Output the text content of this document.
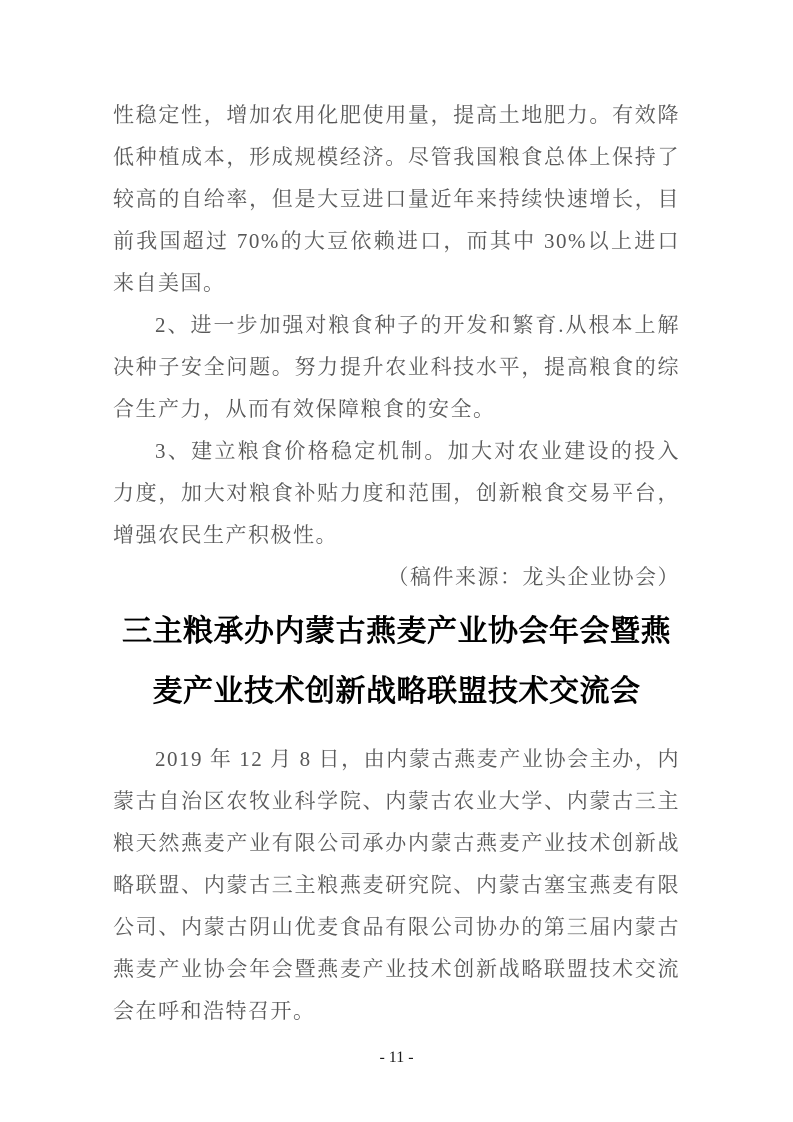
性稳定性，增加农用化肥使用量，提高土地肥力。有效降低种植成本，形成规模经济。尽管我国粮食总体上保持了较高的自给率，但是大豆进口量近年来持续快速增长，目前我国超过 70%的大豆依赖进口，而其中 30%以上进口来自美国。

2、进一步加强对粮食种子的开发和繁育.从根本上解决种子安全问题。努力提升农业科技水平，提高粮食的综合生产力，从而有效保障粮食的安全。

3、建立粮食价格稳定机制。加大对农业建设的投入力度，加大对粮食补贴力度和范围，创新粮食交易平台，增强农民生产积极性。

（稿件来源：龙头企业协会）

三主粮承办内蒙古燕麦产业协会年会暨燕
麦产业技术创新战略联盟技术交流会

2019 年 12 月 8 日，由内蒙古燕麦产业协会主办，内蒙古自治区农牧业科学院、内蒙古农业大学、内蒙古三主粮天然燕麦产业有限公司承办内蒙古燕麦产业技术创新战略联盟、内蒙古三主粮燕麦研究院、内蒙古塞宝燕麦有限公司、内蒙古阴山优麦食品有限公司协办的第三届内蒙古燕麦产业协会年会暨燕麦产业技术创新战略联盟技术交流会在呼和浩特召开。

- 11 -
